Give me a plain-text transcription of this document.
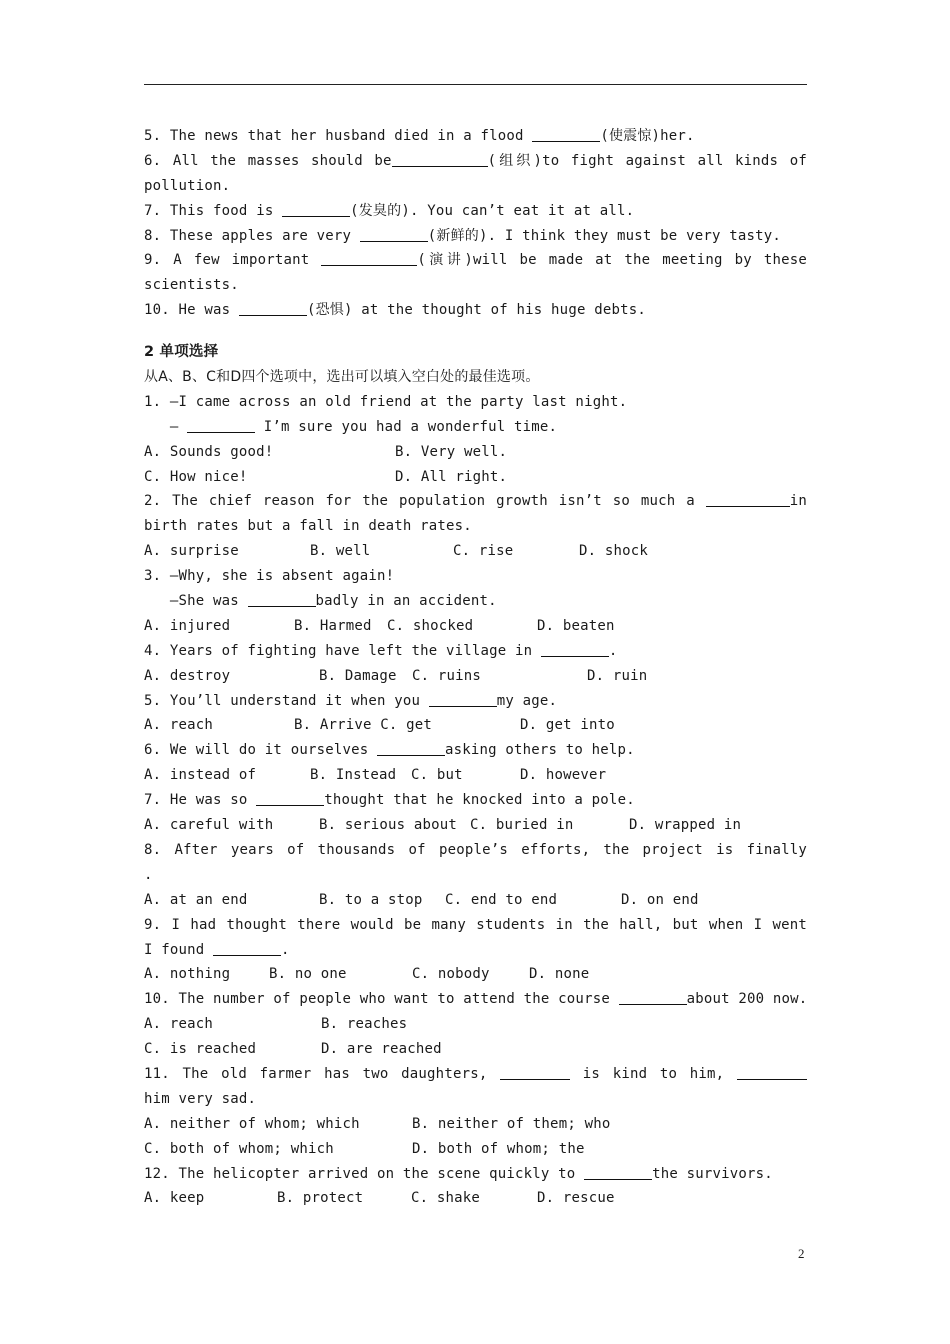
5. The news that her husband died in a flood	(使震惊)her.
6. All the masses should be	(组织)to fight against all kinds of
pollution.
7. This food is	(发臭的). You can’t eat it at all.
8. These apples are very	(新鲜的). I think they must be very tasty.
9. A few important	(演讲)will be made at the meeting by these
scientists.
10. He was	(恐惧) at the thought of his huge debts.
2 单项选择
从A、B、C和D四个选项中，选出可以填入空白处的最佳选项。
1. —I came across an old friend at the party last night.
—	I’m sure you had a wonderful time.
A. Sounds good!	B. Very well.
C. How nice!	D. All right.
2. The chief reason for the population growth isn’t so much a	in
birth rates but a fall in death rates.
A. surprise	B. well	C. rise	D. shock
3. —Why, she is absent again!
—She was	badly in an accident.
A. injured	B. Harmed	C. shocked	D. beaten
4. Years of fighting have left the village in	.
A. destroy	B. Damage	C. ruins	D. ruin
5. You’ll understand it when you	my age.
A. reach	B. Arrive C. get	D. get into
6. We will do it ourselves	asking others to help.
A. instead of	B. Instead	C. but	D. however
7. He was so	thought that he knocked into a pole.
A. careful with	B. serious about C. buried in	D. wrapped in
8. After years of thousands of people’s efforts, the project is finally
.
A. at an end	B. to a stop	C. end to end	D. on end
9. I had thought there would be many students in the hall, but when I went
I found	.
A. nothing	B. no one	C. nobody	D. none
10. The number of people who want to attend the course	about 200 now.
A. reach	B. reaches
C. is reached	D. are reached
11. The old farmer has two daughters,	is kind to him,
him very sad.
A. neither of whom; which	B. neither of them; who
C. both of whom; which	D. both of whom; the
12. The helicopter arrived on the scene quickly to	the survivors.
A. keep	B. protect	C. shake	D. rescue
2
